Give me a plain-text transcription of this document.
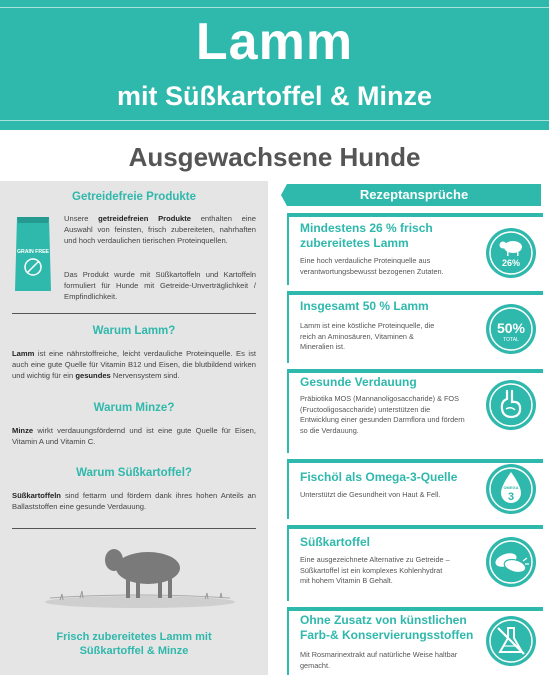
Lamm
mit Süßkartoffel & Minze
Ausgewachsene Hunde
Getreidefreie Produkte
GRAIN FREE

Unsere getreidefreien Produkte enthalten eine Auswahl von feinsten, frisch zubereiteten, nahrhaften und hoch verdaulichen tierischen Proteinquellen.

Das Produkt wurde mit Süßkartoffeln und Kartoffeln formuliert für Hunde mit Getreide-Unverträglichkeit / Empfindlichkeit.

Warum Lamm?

Lamm ist eine nährstoffreiche, leicht verdauliche Proteinquelle. Es ist auch eine gute Quelle für Vitamin B12 und Eisen, die blutbildend wirken und wichtig für ein gesundes Nervensystem sind.

Warum Minze?

Minze wirkt verdauungsfördernd und ist eine gute Quelle für Eisen, Vitamin A und Vitamin C.

Warum Süßkartoffel?

Süßkartoffeln sind fettarm und fördern dank ihres hohen Anteils an Ballaststoffen eine gesunde Verdauung.

Frisch zubereitetes Lamm mit
Süßkartoffel & Minze
Rezeptansprüche
Mindestens 26 % frisch zubereitetes Lamm
Eine hoch verdauliche Proteinquelle aus verantwortungsbewusst bezogenen Zutaten.
26%
Insgesamt 50 % Lamm
Lamm ist eine köstliche Proteinquelle, die reich an Aminosäuren, Vitaminen & Mineralien ist.
50%
TOTAL
Gesunde Verdauung
Präbiotika MOS (Mannanoligosaccharide) & FOS (Fructooligosaccharide) unterstützen die Entwicklung einer gesunden Darmflora und fördern so die Verdauung.
Fischöl als Omega-3-Quelle
Unterstützt die Gesundheit von Haut & Fell.
OMEGA
3
Süßkartoffel
Eine ausgezeichnete Alternative zu Getreide – Süßkartoffel ist ein komplexes Kohlenhydrat mit hohem Vitamin B Gehalt.
Ohne Zusatz von künstlichen Farb-& Konservierungsstoffen
Mit Rosmarinextrakt auf natürliche Weise haltbar gemacht.
